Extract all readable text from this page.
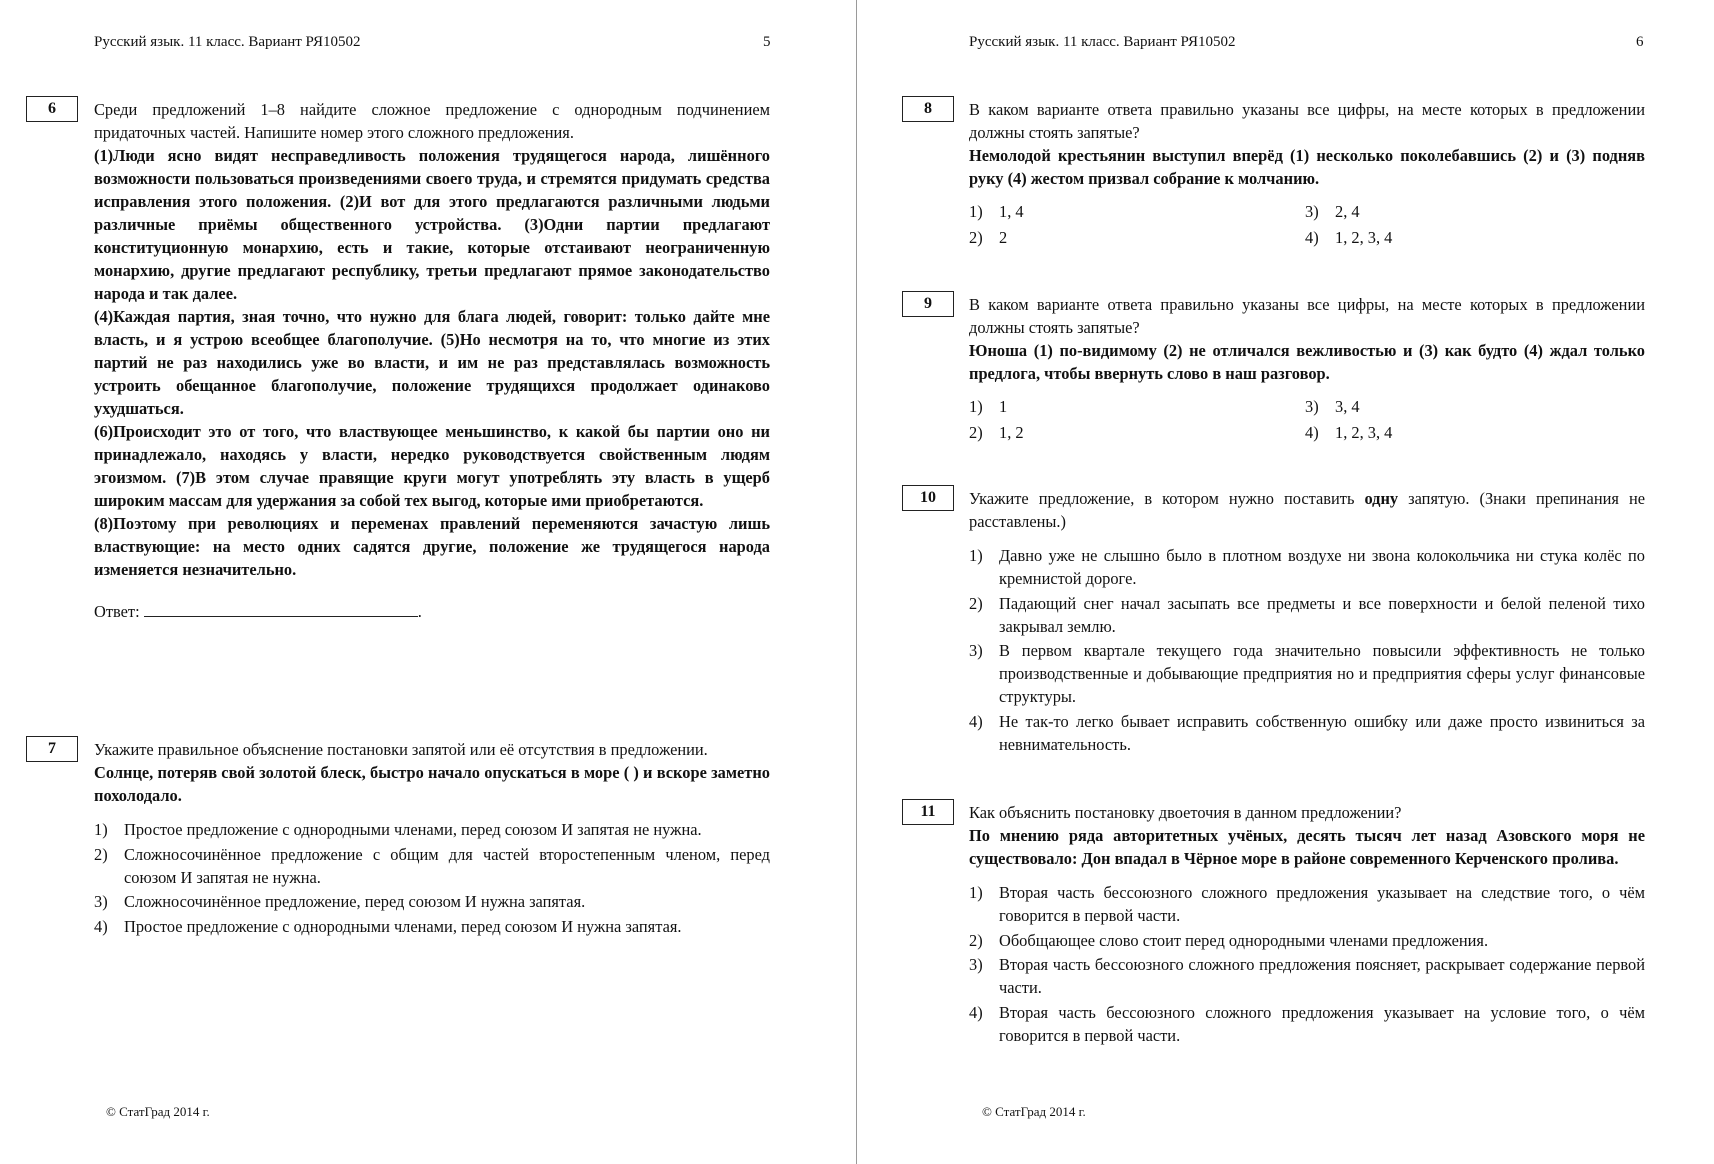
Русский язык. 11 класс. Вариант РЯ10502	5
6	Среди предложений 1–8 найдите сложное предложение с однородным подчинением придаточных частей. Напишите номер этого сложного предложения.

(1)Люди ясно видят несправедливость положения трудящегося народа, лишённого возможности пользоваться произведениями своего труда, и стремятся придумать средства исправления этого положения. (2)И вот для этого предлагаются различными людьми различные приёмы общественного устройства. (3)Одни партии предлагают конституционную монархию, есть и такие, которые отстаивают неограниченную монархию, другие предлагают республику, третьи предлагают прямое законодательство народа и так далее.

(4)Каждая партия, зная точно, что нужно для блага людей, говорит: только дайте мне власть, и я устрою всеобщее благополучие. (5)Но несмотря на то, что многие из этих партий не раз находились уже во власти, и им не раз представлялась возможность устроить обещанное благополучие, положение трудящихся продолжает одинаково ухудшаться.

(6)Происходит это от того, что властвующее меньшинство, к какой бы партии оно ни принадлежало, находясь у власти, нередко руководствуется свойственным людям эгоизмом. (7)В этом случае правящие круги могут употреблять эту власть в ущерб широким массам для удержания за собой тех выгод, которые ими приобретаются.

(8)Поэтому при революциях и переменах правлений переменяются зачастую лишь властвующие: на место одних садятся другие, положение же трудящегося народа изменяется незначительно.

Ответ:	.
7	Укажите правильное объяснение постановки запятой или её отсутствия в предложении.

Солнце, потеряв свой золотой блеск, быстро начало опускаться в море ( ) и вскоре заметно похолодало.

1) Простое предложение с однородными членами, перед союзом И запятая не нужна.
2) Сложносочинённое предложение с общим для частей второстепенным членом, перед союзом И запятая не нужна.
3) Сложносочинённое предложение, перед союзом И нужна запятая.
4) Простое предложение с однородными членами, перед союзом И нужна запятая.
© СтатГрад 2014 г.
Русский язык. 11 класс. Вариант РЯ10502	6
8	В каком варианте ответа правильно указаны все цифры, на месте которых в предложении должны стоять запятые?

Немолодой крестьянин выступил вперёд (1) несколько поколебавшись (2) и (3) подняв руку (4) жестом призвал собрание к молчанию.

1) 1, 4	3) 2, 4
2) 2	4) 1, 2, 3, 4
9	В каком варианте ответа правильно указаны все цифры, на месте которых в предложении должны стоять запятые?

Юноша (1) по-видимому (2) не отличался вежливостью и (3) как будто (4) ждал только предлога, чтобы ввернуть слово в наш разговор.

1) 1	3) 3, 4
2) 1, 2	4) 1, 2, 3, 4
10	Укажите предложение, в котором нужно поставить одну запятую. (Знаки препинания не расставлены.)

1) Давно уже не слышно было в плотном воздухе ни звона колокольчика ни стука колёс по кремнистой дороге.
2) Падающий снег начал засыпать все предметы и все поверхности и белой пеленой тихо закрывал землю.
3) В первом квартале текущего года значительно повысили эффективность не только производственные и добывающие предприятия но и предприятия сферы услуг финансовые структуры.
4) Не так-то легко бывает исправить собственную ошибку или даже просто извиниться за невнимательность.
11	Как объяснить постановку двоеточия в данном предложении?

По мнению ряда авторитетных учёных, десять тысяч лет назад Азовского моря не существовало: Дон впадал в Чёрное море в районе современного Керченского пролива.

1) Вторая часть бессоюзного сложного предложения указывает на следствие того, о чём говорится в первой части.
2) Обобщающее слово стоит перед однородными членами предложения.
3) Вторая часть бессоюзного сложного предложения поясняет, раскрывает содержание первой части.
4) Вторая часть бессоюзного сложного предложения указывает на условие того, о чём говорится в первой части.
© СтатГрад 2014 г.
